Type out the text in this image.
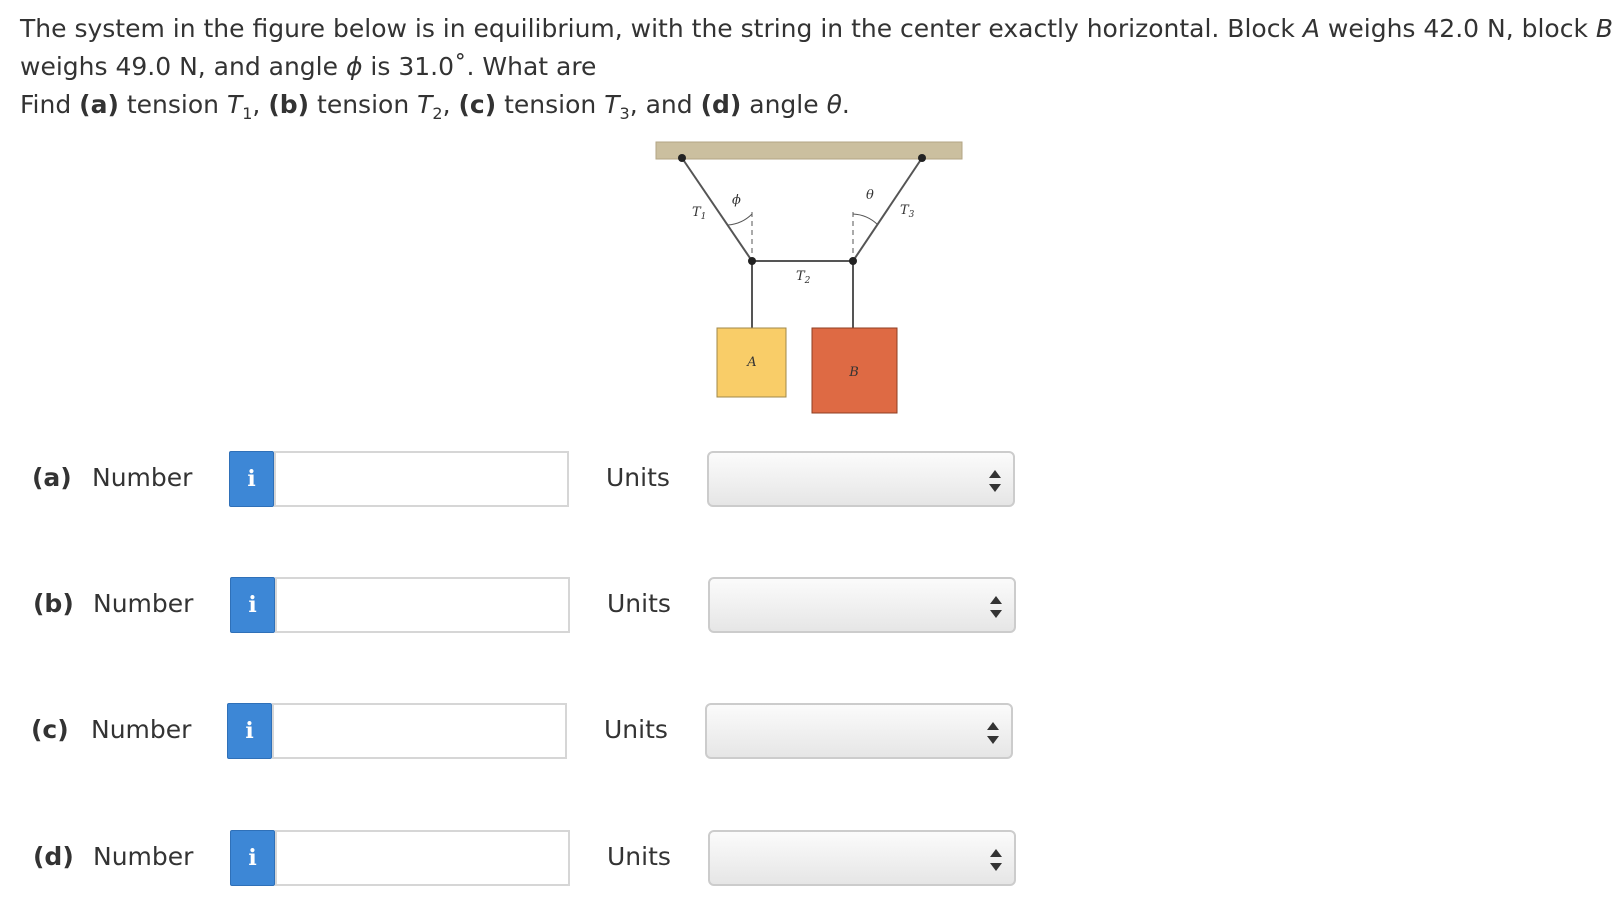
The system in the figure below is in equilibrium, with the string in the center exactly horizontal. Block A weighs 42.0 N, block B
weighs 49.0 N, and angle ϕ is 31.0˚. What are
Find (a) tension $T_1$, (b) tension $T_2$, (c) tension $T_3$, and (d) angle θ.
A
B
$T_1$
$T_2$
$T_3$
ϕ	θ
(a) Number	i	Units
(b) Number	i	Units
(c) Number	i	Units
(d) Number	i	Units
